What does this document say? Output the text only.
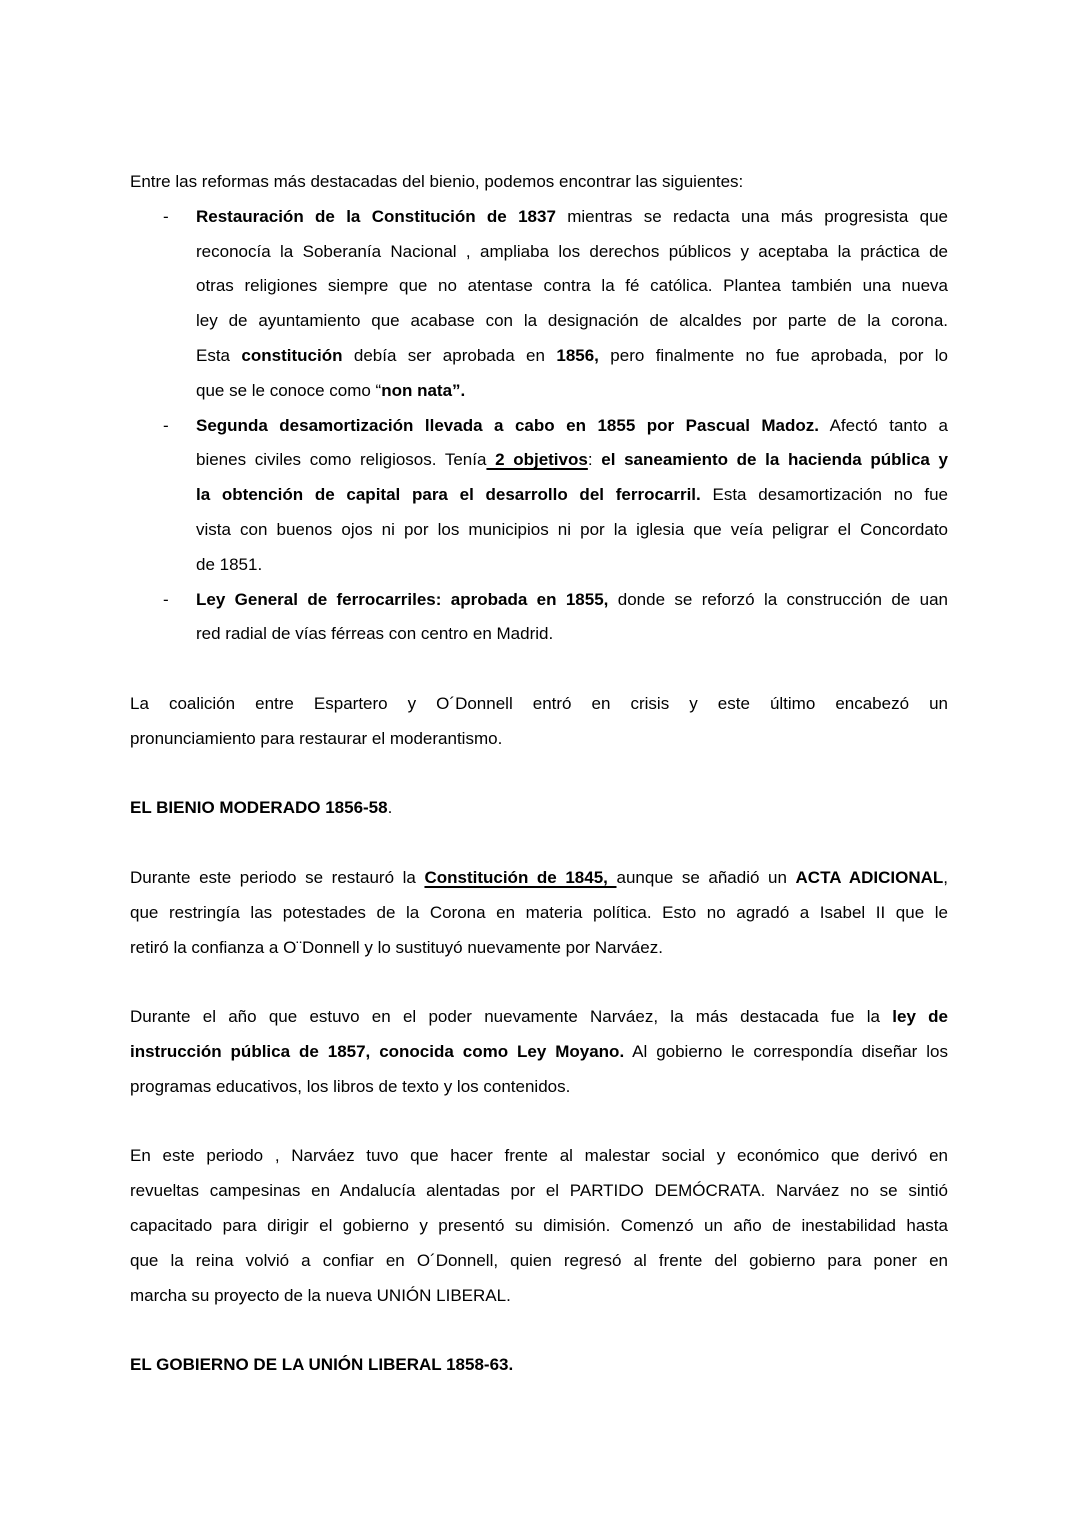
Entre las reformas más destacadas del bienio, podemos encontrar las siguientes:
-	Restauración de la Constitución de 1837 mientras se redacta una más progresista que
reconocía la Soberanía Nacional , ampliaba los derechos públicos y aceptaba la práctica de
otras religiones siempre que no atentase contra la fé católica. Plantea también una nueva
ley de ayuntamiento que acabase con la designación de alcaldes por parte de la corona.
Esta constitución debía ser aprobada en 1856, pero finalmente no fue aprobada, por lo
que se le conoce como “non nata”.
-	Segunda desamortización llevada a cabo en 1855 por Pascual Madoz. Afectó tanto a
bienes civiles como religiosos. Tenía 2 objetivos: el saneamiento de la hacienda pública y
la obtención de capital para el desarrollo del ferrocarril. Esta desamortización no fue
vista con buenos ojos ni por los municipios ni por la iglesia que veía peligrar el Concordato
de 1851.
-	Ley General de ferrocarriles: aprobada en 1855, donde se reforzó la construcción de uan
red radial de vías férreas con centro en Madrid.
La coalición entre Espartero y O´Donnell entró en crisis y este último encabezó un
pronunciamiento para restaurar el moderantismo.
EL BIENIO MODERADO 1856-58.
Durante este periodo se restauró la Constitución de 1845, aunque se añadió un ACTA ADICIONAL,
que restringía las potestades de la Corona en materia política. Esto no agradó a Isabel II que le
retiró la confianza a O¨Donnell y lo sustituyó nuevamente por Narváez.
Durante el año que estuvo en el poder nuevamente Narváez, la más destacada fue la ley de
instrucción pública de 1857, conocida como Ley Moyano. Al gobierno le correspondía diseñar los
programas educativos, los libros de texto y los contenidos.
En este periodo , Narváez tuvo que hacer frente al malestar social y económico que derivó en
revueltas campesinas en Andalucía alentadas por el PARTIDO DEMÓCRATA. Narváez no se sintió
capacitado para dirigir el gobierno y presentó su dimisión. Comenzó un año de inestabilidad hasta
que la reina volvió a confiar en O´Donnell, quien regresó al frente del gobierno para poner en
marcha su proyecto de la nueva UNIÓN LIBERAL.
EL GOBIERNO DE LA UNIÓN LIBERAL 1858-63.
